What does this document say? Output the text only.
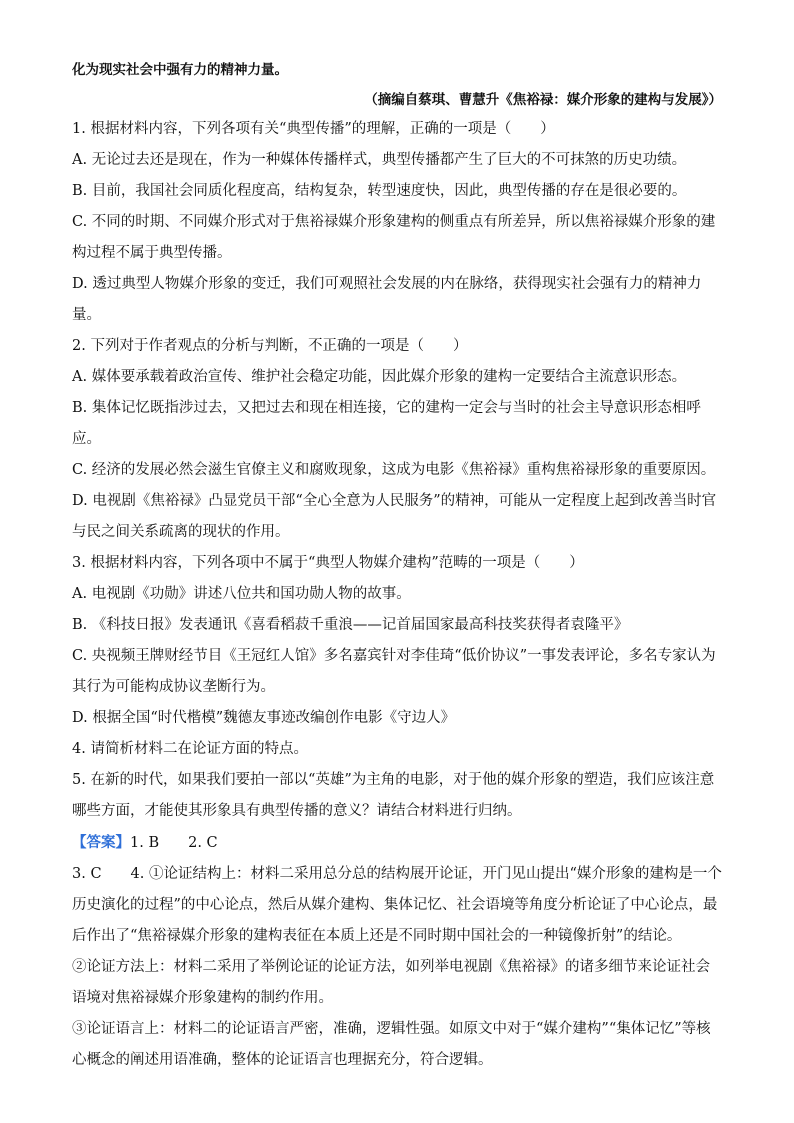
化为现实社会中强有力的精神力量。

（摘编自蔡琪、曹慧升《焦裕禄：媒介形象的建构与发展》）

1. 根据材料内容，下列各项有关“典型传播”的理解，正确的一项是（　　）

A. 无论过去还是现在，作为一种媒体传播样式，典型传播都产生了巨大的不可抹煞的历史功绩。

B. 目前，我国社会同质化程度高，结构复杂，转型速度快，因此，典型传播的存在是很必要的。

C. 不同的时期、不同媒介形式对于焦裕禄媒介形象建构的侧重点有所差异，所以焦裕禄媒介形象的建构过程不属于典型传播。

D. 透过典型人物媒介形象的变迁，我们可观照社会发展的内在脉络，获得现实社会强有力的精神力量。

2. 下列对于作者观点的分析与判断，不正确的一项是（　　）

A. 媒体要承载着政治宣传、维护社会稳定功能，因此媒介形象的建构一定要结合主流意识形态。

B. 集体记忆既指涉过去，又把过去和现在相连接，它的建构一定会与当时的社会主导意识形态相呼应。

C. 经济的发展必然会滋生官僚主义和腐败现象，这成为电影《焦裕禄》重构焦裕禄形象的重要原因。

D. 电视剧《焦裕禄》凸显党员干部“全心全意为人民服务”的精神，可能从一定程度上起到改善当时官与民之间关系疏离的现状的作用。

3. 根据材料内容，下列各项中不属于“典型人物媒介建构”范畴的一项是（　　）

A. 电视剧《功勋》讲述八位共和国功勋人物的故事。

B. 《科技日报》发表通讯《喜看稻菽千重浪——记首届国家最高科技奖获得者袁隆平》

C. 央视频王牌财经节目《王冠红人馆》多名嘉宾针对李佳琦“低价协议”一事发表评论，多名专家认为其行为可能构成协议垄断行为。

D. 根据全国“时代楷模”魏德友事迹改编创作电影《守边人》

4. 请简析材料二在论证方面的特点。

5. 在新的时代，如果我们要拍一部以“英雄”为主角的电影，对于他的媒介形象的塑造，我们应该注意哪些方面，才能使其形象具有典型传播的意义？请结合材料进行归纳。

【答案】1. B　　2. C

3. C　　 4. ①论证结构上：材料二采用总分总的结构展开论证，开门见山提出“媒介形象的建构是一个历史演化的过程”的中心论点，然后从媒介建构、集体记忆、社会语境等角度分析论证了中心论点，最后作出了“焦裕禄媒介形象的建构表征在本质上还是不同时期中国社会的一种镜像折射”的结论。

②论证方法上：材料二采用了举例论证的论证方法，如列举电视剧《焦裕禄》的诸多细节来论证社会语境对焦裕禄媒介形象建构的制约作用。

③论证语言上：材料二的论证语言严密，准确，逻辑性强。如原文中对于“媒介建构”“集体记忆”等核心概念的阐述用语准确，整体的论证语言也理据充分，符合逻辑。
